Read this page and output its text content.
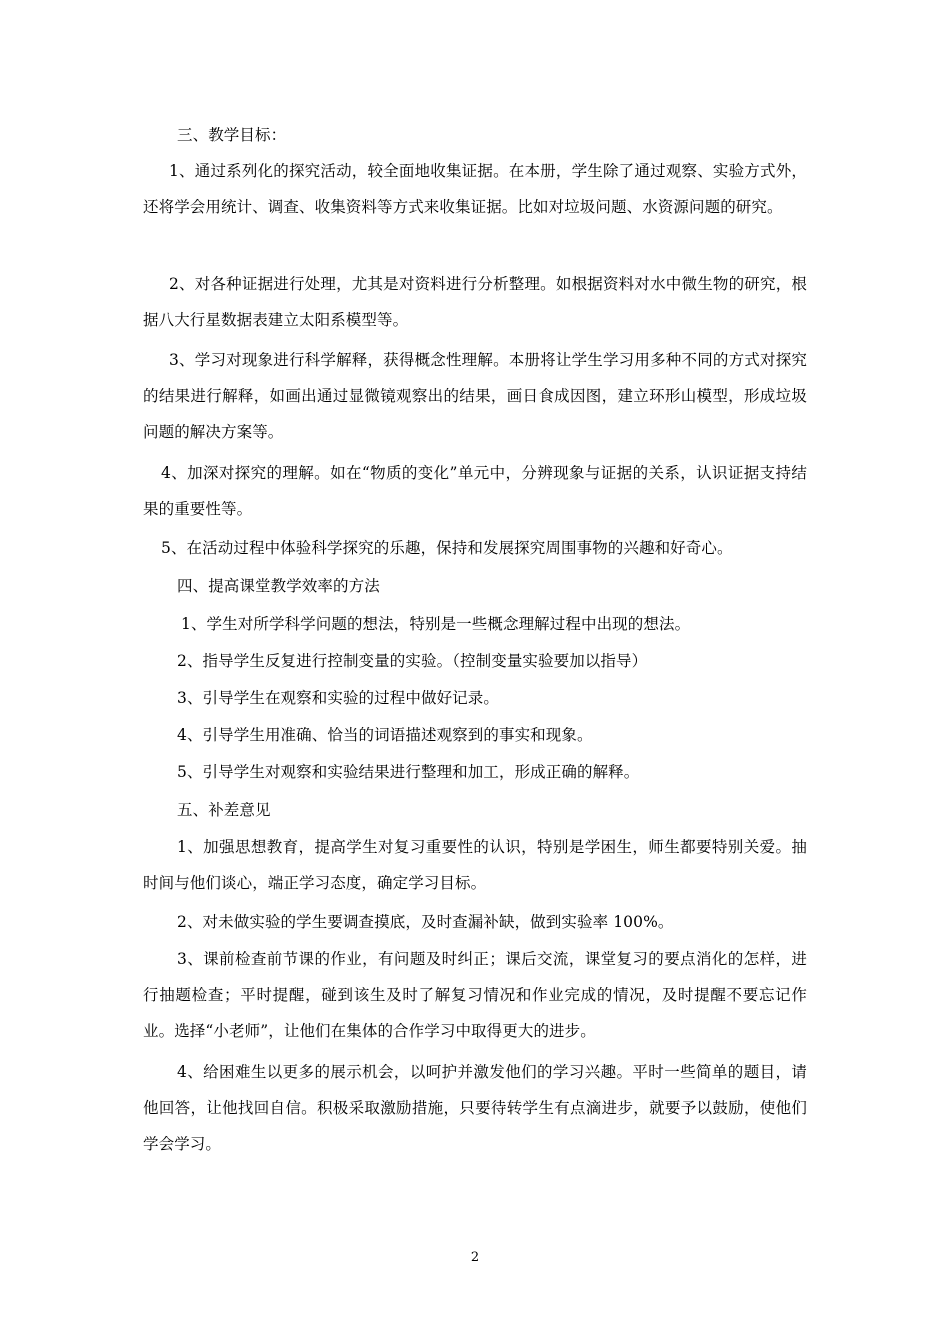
三、教学目标：

1、通过系列化的探究活动，较全面地收集证据。在本册，学生除了通过观察、实验方式外，还将学会用统计、调查、收集资料等方式来收集证据。比如对垃圾问题、水资源问题的研究。

2、对各种证据进行处理，尤其是对资料进行分析整理。如根据资料对水中微生物的研究，根据八大行星数据表建立太阳系模型等。

3、学习对现象进行科学解释，获得概念性理解。本册将让学生学习用多种不同的方式对探究的结果进行解释，如画出通过显微镜观察出的结果，画日食成因图，建立环形山模型，形成垃圾问题的解决方案等。

4、加深对探究的理解。如在“物质的变化”单元中，分辨现象与证据的关系，认识证据支持结果的重要性等。

5、在活动过程中体验科学探究的乐趣，保持和发展探究周围事物的兴趣和好奇心。

四、提高课堂教学效率的方法

1、学生对所学科学问题的想法，特别是一些概念理解过程中出现的想法。

2、指导学生反复进行控制变量的实验。（控制变量实验要加以指导）

3、引导学生在观察和实验的过程中做好记录。

4、引导学生用准确、恰当的词语描述观察到的事实和现象。

5、引导学生对观察和实验结果进行整理和加工，形成正确的解释。

五、补差意见

1、加强思想教育，提高学生对复习重要性的认识，特别是学困生，师生都要特别关爱。抽时间与他们谈心，端正学习态度，确定学习目标。

2、对未做实验的学生要调查摸底，及时查漏补缺，做到实验率 100%。

3、课前检查前节课的作业，有问题及时纠正；课后交流，课堂复习的要点消化的怎样，进行抽题检查；平时提醒，碰到该生及时了解复习情况和作业完成的情况，及时提醒不要忘记作业。选择“小老师”，让他们在集体的合作学习中取得更大的进步。

4、给困难生以更多的展示机会，以呵护并激发他们的学习兴趣。平时一些简单的题目，请他回答，让他找回自信。积极采取激励措施，只要待转学生有点滴进步，就要予以鼓励，使他们学会学习。

2
